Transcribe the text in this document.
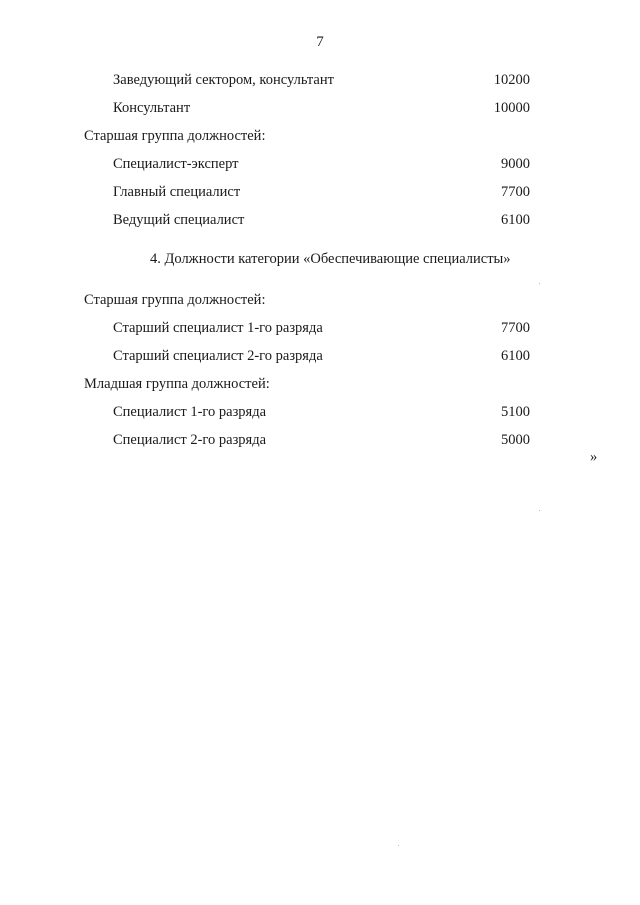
7
Заведующий сектором, консультант	10200
Консультант	10000
Старшая группа должностей:
Специалист-эксперт	9000
Главный специалист	7700
Ведущий специалист	6100
4. Должности категории «Обеспечивающие специалисты»
Старшая группа должностей:
Старший специалист 1-го разряда	7700
Старший специалист 2-го разряда	6100
Младшая группа должностей:
Специалист 1-го разряда	5100
Специалист 2-го разряда	5000
»
